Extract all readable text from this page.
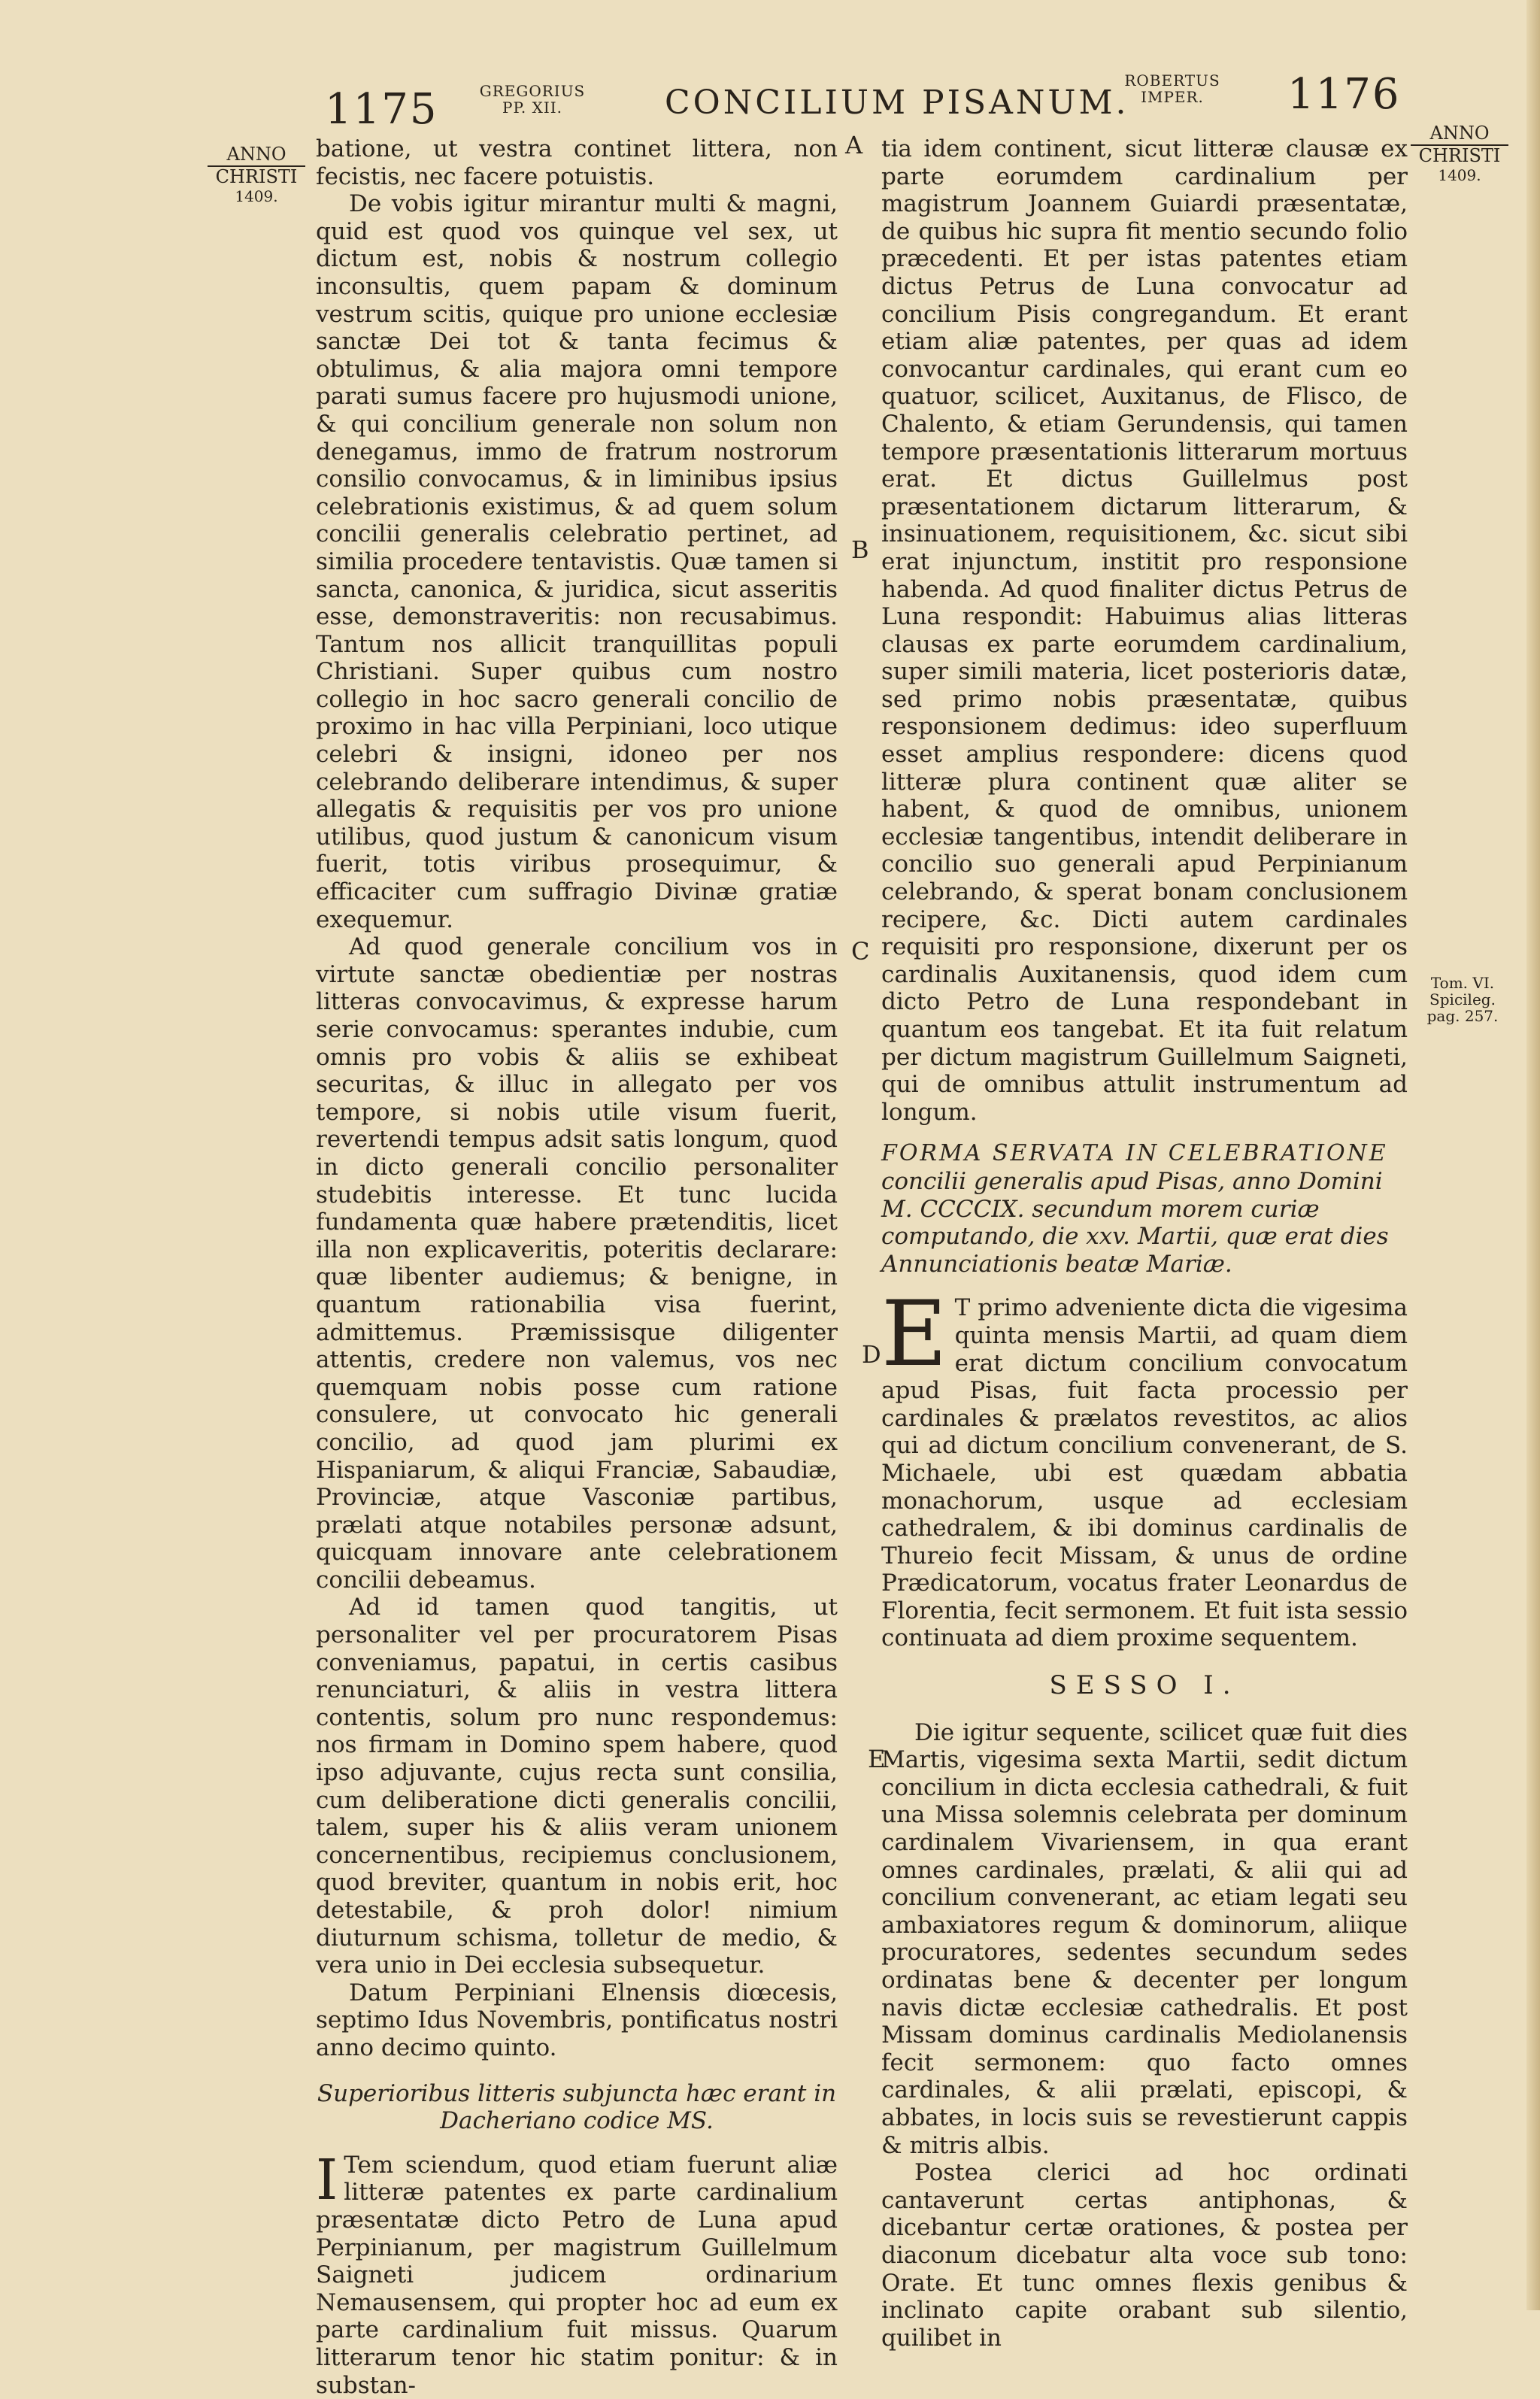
1175	GREGORIUS
PP. XII.	CONCILIUM PISANUM.
ROBERTUS
IMPER.	1176
ANNO
CHRISTI
1409.
ANNO
CHRISTI
1409.
Tom. VI.
Spicileg.
pag. 257.
A
B
C
D
E

batione, ut vestra continet littera, non fecistis, nec facere potuistis.

De vobis igitur mirantur multi & magni, quid est quod vos quinque vel sex, ut dictum est, nobis & nostrum collegio inconsultis, quem papam & dominum vestrum scitis, quique pro unione ecclesiæ sanctæ Dei tot & tanta fecimus & obtulimus, & alia majora omni tempore parati sumus facere pro hujusmodi unione, & qui concilium generale non solum non denegamus, immo de fratrum nostrorum consilio convocamus, & in liminibus ipsius celebrationis existimus, & ad quem solum concilii generalis celebratio pertinet, ad similia procedere tentavistis. Quæ tamen si sancta, canonica, & juridica, sicut asseritis esse, demonstraveritis: non recusabimus. Tantum nos allicit tranquillitas populi Christiani. Super quibus cum nostro collegio in hoc sacro generali concilio de proximo in hac villa Perpiniani, loco utique celebri & insigni, idoneo per nos celebrando deliberare intendimus, & super allegatis & requisitis per vos pro unione utilibus, quod justum & canonicum visum fuerit, totis viribus prosequimur, & efficaciter cum suffragio Divinæ gratiæ exequemur.

Ad quod generale concilium vos in virtute sanctæ obedientiæ per nostras litteras convocavimus, & expresse harum serie convocamus: sperantes indubie, cum omnis pro vobis & aliis se exhibeat securitas, & illuc in allegato per vos tempore, si nobis utile visum fuerit, revertendi tempus adsit satis longum, quod in dicto generali concilio personaliter studebitis interesse. Et tunc lucida fundamenta quæ habere prætenditis, licet illa non explicaveritis, poteritis declarare: quæ libenter audiemus; & benigne, in quantum rationabilia visa fuerint, admittemus. Præmissisque diligenter attentis, credere non valemus, vos nec quemquam nobis posse cum ratione consulere, ut convocato hic generali concilio, ad quod jam plurimi ex Hispaniarum, & aliqui Franciæ, Sabaudiæ, Provinciæ, atque Vasconiæ partibus, prælati atque notabiles personæ adsunt, quicquam innovare ante celebrationem concilii debeamus.

Ad id tamen quod tangitis, ut personaliter vel per procuratorem Pisas conveniamus, papatui, in certis casibus renunciaturi, & aliis in vestra littera contentis, solum pro nunc respondemus: nos firmam in Domino spem habere, quod ipso adjuvante, cujus recta sunt consilia, cum deliberatione dicti generalis concilii, talem, super his & aliis veram unionem concernentibus, recipiemus conclusionem, quod breviter, quantum in nobis erit, hoc detestabile, & proh dolor! nimium diuturnum schisma, tolletur de medio, & vera unio in Dei ecclesia subsequetur.

Datum Perpiniani Elnensis diœcesis, septimo Idus Novembris, pontificatus nostri anno decimo quinto.

Superioribus litteris subjuncta hæc erant in Dacheriano codice MS.

I Tem sciendum, quod etiam fuerunt aliæ litteræ patentes ex parte cardinalium præsentatæ dicto Petro de Luna apud Perpinianum, per magistrum Guillelmum Saigneti judicem ordinarium Nemausensem, qui propter hoc ad eum ex parte cardinalium fuit missus. Quarum litterarum tenor hic statim ponitur: & in substan-

tia idem continent, sicut litteræ clausæ ex parte eorumdem cardinalium per magistrum Joannem Guiardi præsentatæ, de quibus hic supra fit mentio secundo folio præcedenti. Et per istas patentes etiam dictus Petrus de Luna convocatur ad concilium Pisis congregandum. Et erant etiam aliæ patentes, per quas ad idem convocantur cardinales, qui erant cum eo quatuor, scilicet, Auxitanus, de Flisco, de Chalento, & etiam Gerundensis, qui tamen tempore præsentationis litterarum mortuus erat. Et dictus Guillelmus post præsentationem dictarum litterarum, & insinuationem, requisitionem, &c. sicut sibi erat injunctum, institit pro responsione habenda. Ad quod finaliter dictus Petrus de Luna respondit: Habuimus alias litteras clausas ex parte eorumdem cardinalium, super simili materia, licet posterioris datæ, sed primo nobis præsentatæ, quibus responsionem dedimus: ideo superfluum esset amplius respondere: dicens quod litteræ plura continent quæ aliter se habent, & quod de omnibus, unionem ecclesiæ tangentibus, intendit deliberare in concilio suo generali apud Perpinianum celebrando, & sperat bonam conclusionem recipere, &c. Dicti autem cardinales requisiti pro responsione, dixerunt per os cardinalis Auxitanensis, quod idem cum dicto Petro de Luna respondebant in quantum eos tangebat. Et ita fuit relatum per dictum magistrum Guillelmum Saigneti, qui de omnibus attulit instrumentum ad longum.

FORMA SERVATA IN CELEBRATIONE concilii generalis apud Pisas, anno Domini M. CCCCIX. secundum morem curiæ computando, die xxv. Martii, quæ erat dies Annunciationis beatæ Mariæ.

E T primo adveniente dicta die vigesima quinta mensis Martii, ad quam diem erat dictum concilium convocatum apud Pisas, fuit facta processio per cardinales & prælatos revestitos, ac alios qui ad dictum concilium convenerant, de S. Michaele, ubi est quædam abbatia monachorum, usque ad ecclesiam cathedralem, & ibi dominus cardinalis de Thureio fecit Missam, & unus de ordine Prædicatorum, vocatus frater Leonardus de Florentia, fecit sermonem. Et fuit ista sessio continuata ad diem proxime sequentem.

SESSO I.

Die igitur sequente, scilicet quæ fuit dies Martis, vigesima sexta Martii, sedit dictum concilium in dicta ecclesia cathedrali, & fuit una Missa solemnis celebrata per dominum cardinalem Vivariensem, in qua erant omnes cardinales, prælati, & alii qui ad concilium convenerant, ac etiam legati seu ambaxiatores regum & dominorum, aliique procuratores, sedentes secundum sedes ordinatas bene & decenter per longum navis dictæ ecclesiæ cathedralis. Et post Missam dominus cardinalis Mediolanensis fecit sermonem: quo facto omnes cardinales, & alii prælati, episcopi, & abbates, in locis suis se revestierunt cappis & mitris albis.

Postea clerici ad hoc ordinati cantaverunt certas antiphonas, & dicebantur certæ orationes, & postea per diaconum dicebatur alta voce sub tono: Orate. Et tunc omnes flexis genibus & inclinato capite orabant sub silentio, quilibet in
